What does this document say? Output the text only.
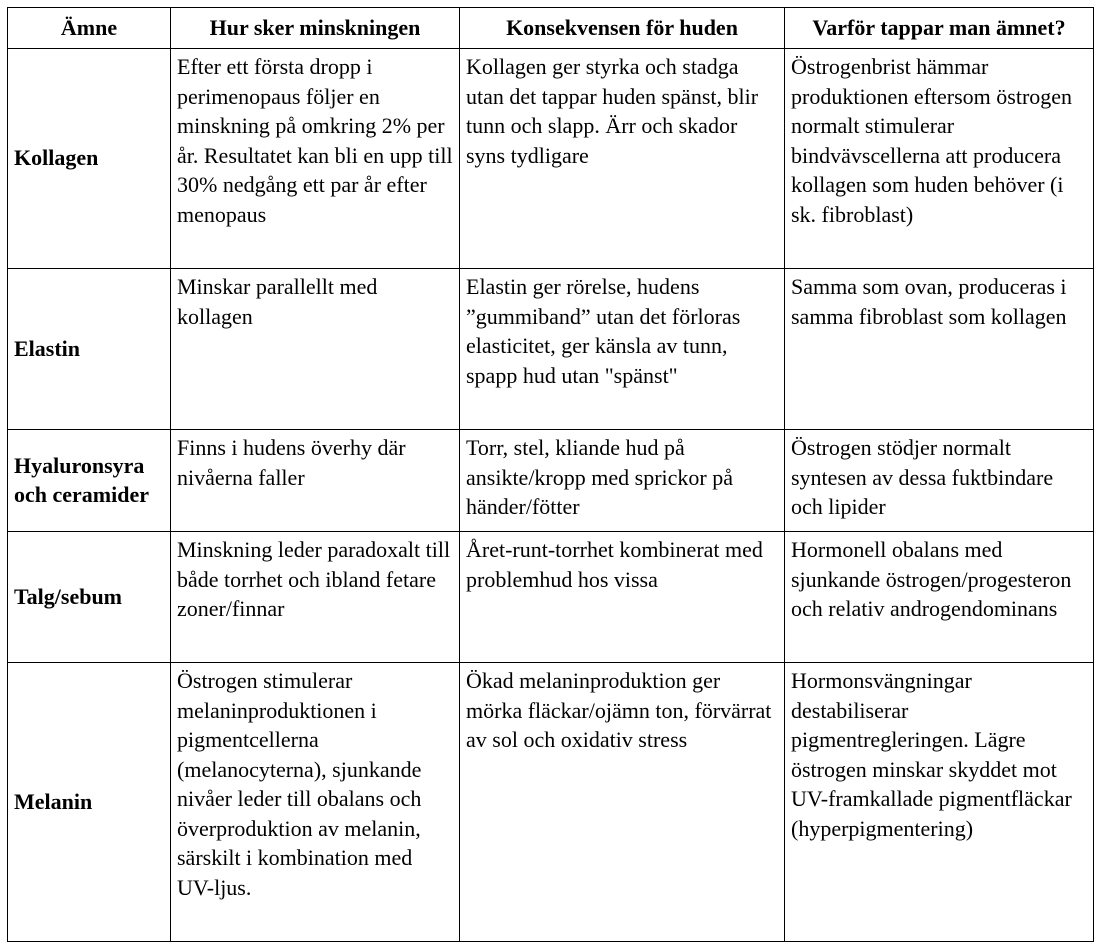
Ämne	Hur sker minskningen	Konsekvensen för huden	Varför tappar man ämnet?
Kollagen	Efter ett första dropp i perimenopaus följer en minskning på omkring 2% per år. Resultatet kan bli en upp till 30% nedgång ett par år efter menopaus	Kollagen ger styrka och stadga utan det tappar huden spänst, blir tunn och slapp. Ärr och skador syns tydligare	Östrogenbrist hämmar produktionen eftersom östrogen normalt stimulerar bindvävscellerna att producera kollagen som huden behöver (i sk. fibroblast)
Elastin	Minskar parallellt med kollagen	Elastin ger rörelse, hudens ”gummiband” utan det förloras elasticitet, ger känsla av tunn, spapp hud utan "spänst"	Samma som ovan, produceras i samma fibroblast som kollagen
Hyaluronsyra och ceramider	Finns i hudens överhy där nivåerna faller	Torr, stel, kliande hud på ansikte/kropp med sprickor på händer/fötter	Östrogen stödjer normalt syntesen av dessa fuktbindare och lipider
Talg/sebum	Minskning leder paradoxalt till både torrhet och ibland fetare zoner/finnar	Året-runt-torrhet kombinerat med problemhud hos vissa	Hormonell obalans med sjunkande östrogen/progesteron och relativ androgendominans
Melanin	Östrogen stimulerar melaninproduktionen i pigmentcellerna (melanocyterna), sjunkande nivåer leder till obalans och överproduktion av melanin, särskilt i kombination med UV-ljus.	Ökad melaninproduktion ger mörka fläckar/ojämn ton, förvärrat av sol och oxidativ stress	Hormonsvängningar destabiliserar pigmentregleringen. Lägre östrogen minskar skyddet mot UV-framkallade pigmentfläckar (hyperpigmentering)
